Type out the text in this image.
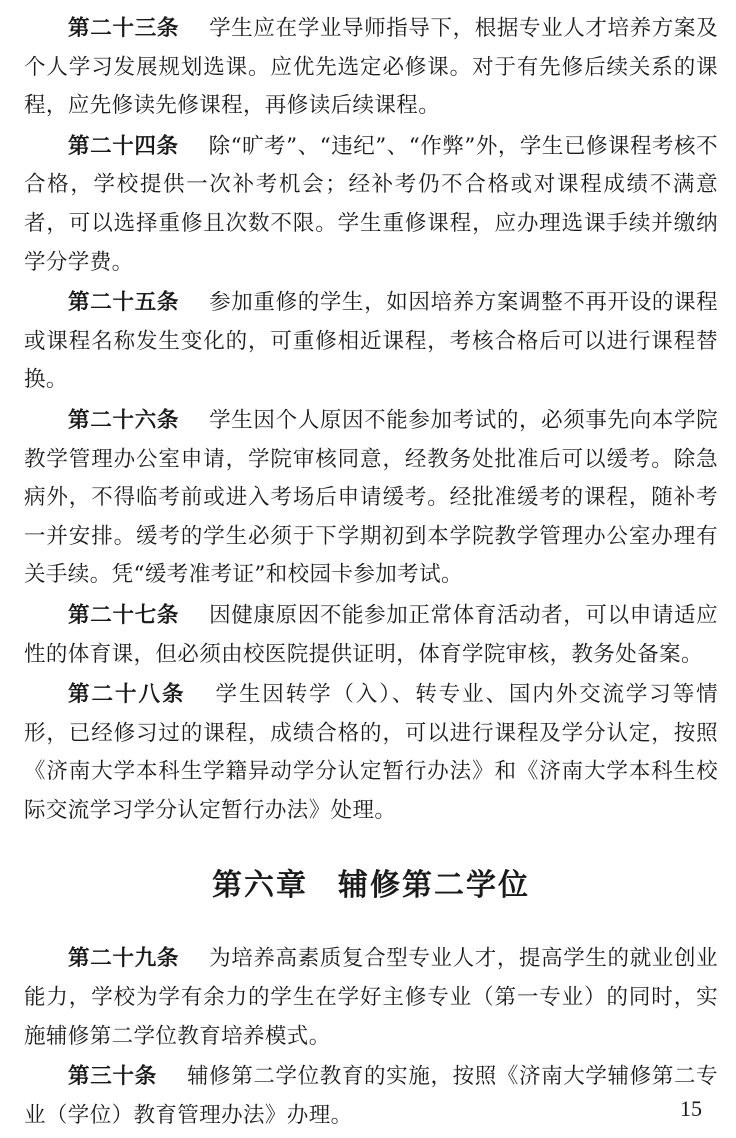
第二十三条 学生应在学业导师指导下，根据专业人才培养方案及个人学习发展规划选课。应优先选定必修课。对于有先修后续关系的课程，应先修读先修课程，再修读后续课程。

第二十四条 除“旷考”、“违纪”、“作弊”外，学生已修课程考核不合格，学校提供一次补考机会；经补考仍不合格或对课程成绩不满意者，可以选择重修且次数不限。学生重修课程，应办理选课手续并缴纳学分学费。

第二十五条 参加重修的学生，如因培养方案调整不再开设的课程或课程名称发生变化的，可重修相近课程，考核合格后可以进行课程替换。

第二十六条 学生因个人原因不能参加考试的，必须事先向本学院教学管理办公室申请，学院审核同意，经教务处批准后可以缓考。除急病外，不得临考前或进入考场后申请缓考。经批准缓考的课程，随补考一并安排。缓考的学生必须于下学期初到本学院教学管理办公室办理有关手续。凭“缓考准考证”和校园卡参加考试。

第二十七条 因健康原因不能参加正常体育活动者，可以申请适应性的体育课，但必须由校医院提供证明，体育学院审核，教务处备案。

第二十八条 学生因转学（入）、转专业、国内外交流学习等情形，已经修习过的课程，成绩合格的，可以进行课程及学分认定，按照《济南大学本科生学籍异动学分认定暂行办法》和《济南大学本科生校际交流学习学分认定暂行办法》处理。

第六章 辅修第二学位

第二十九条 为培养高素质复合型专业人才，提高学生的就业创业能力，学校为学有余力的学生在学好主修专业（第一专业）的同时，实施辅修第二学位教育培养模式。

第三十条 辅修第二学位教育的实施，按照《济南大学辅修第二专业（学位）教育管理办法》办理。	15
